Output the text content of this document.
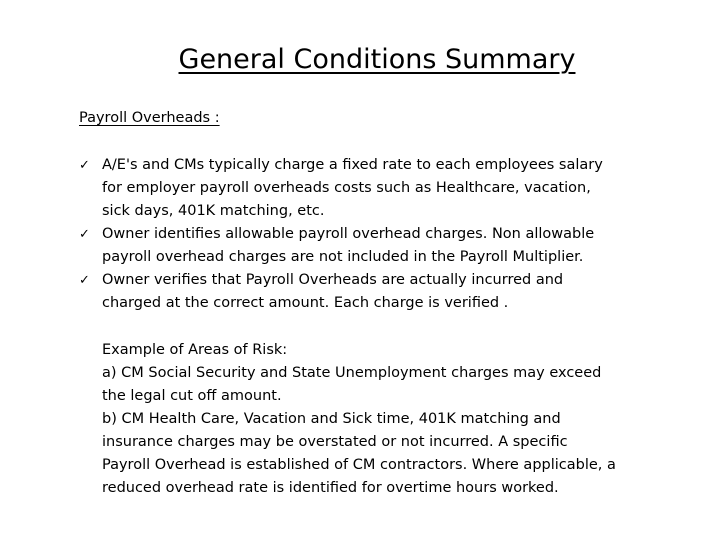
General Conditions Summary
Payroll Overheads :
✓ A/E's and CMs typically charge a fixed rate to each employees salary
for employer payroll overheads costs such as Healthcare, vacation,
sick days, 401K matching, etc.
✓ Owner identifies allowable payroll overhead charges. Non allowable
payroll overhead charges are not included in the Payroll Multiplier.
✓ Owner verifies that Payroll Overheads are actually incurred and
charged at the correct amount. Each charge is verified .
Example of Areas of Risk:
a) CM Social Security and State Unemployment charges may exceed
the legal cut off amount.
b) CM Health Care, Vacation and Sick time, 401K matching and
insurance charges may be overstated or not incurred. A specific
Payroll Overhead is established of CM contractors. Where applicable, a
reduced overhead rate is identified for overtime hours worked.
